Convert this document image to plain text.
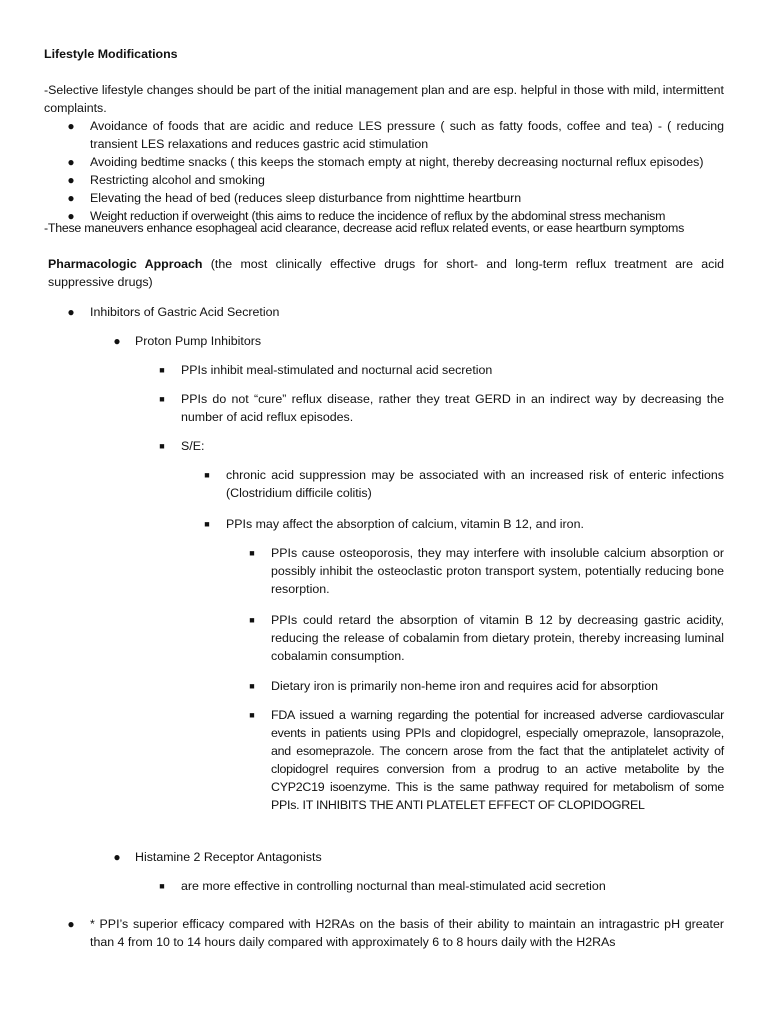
Lifestyle Modifications

-Selective lifestyle changes should be part of the initial management plan and are esp. helpful in those with mild, intermittent complaints.

● Avoidance of foods that are acidic and reduce LES pressure ( such as fatty foods, coffee and tea) - ( reducing transient LES relaxations and reduces gastric acid stimulation
● Avoiding bedtime snacks ( this keeps the stomach empty at night, thereby decreasing nocturnal reflux episodes)
● Restricting alcohol and smoking
● Elevating the head of bed (reduces sleep disturbance from nighttime heartburn
● Weight reduction if overweight (this aims to reduce the incidence of reflux by the abdominal stress mechanism

-These maneuvers enhance esophageal acid clearance, decrease acid reflux related events, or ease heartburn symptoms

Pharmacologic Approach (the most clinically effective drugs for short- and long-term reflux treatment are acid suppressive drugs)

● Inhibitors of Gastric Acid Secretion

● Proton Pump Inhibitors

■ PPIs inhibit meal-stimulated and nocturnal acid secretion

■ PPIs do not “cure” reflux disease, rather they treat GERD in an indirect way by decreasing the number of acid reflux episodes.

■ S/E:

■ chronic acid suppression may be associated with an increased risk of enteric infections (Clostridium difficile colitis)

■ PPIs may affect the absorption of calcium, vitamin B 12, and iron.

■ PPIs cause osteoporosis, they may interfere with insoluble calcium absorption or possibly inhibit the osteoclastic proton transport system, potentially reducing bone resorption.

■ PPIs could retard the absorption of vitamin B 12 by decreasing gastric acidity, reducing the release of cobalamin from dietary protein, thereby increasing luminal cobalamin consumption.

■ Dietary iron is primarily non-heme iron and requires acid for absorption

■ FDA issued a warning regarding the potential for increased adverse cardiovascular events in patients using PPIs and clopidogrel, especially omeprazole, lansoprazole, and esomeprazole. The concern arose from the fact that the antiplatelet activity of clopidogrel requires conversion from a prodrug to an active metabolite by the CYP2C19 isoenzyme. This is the same pathway required for metabolism of some PPIs. IT INHIBITS THE ANTI PLATELET EFFECT OF CLOPIDOGREL

● Histamine 2 Receptor Antagonists

■ are more effective in controlling nocturnal than meal-stimulated acid secretion

● * PPI’s superior efficacy compared with H2RAs on the basis of their ability to maintain an intragastric pH greater than 4 from 10 to 14 hours daily compared with approximately 6 to 8 hours daily with the H2RAs
